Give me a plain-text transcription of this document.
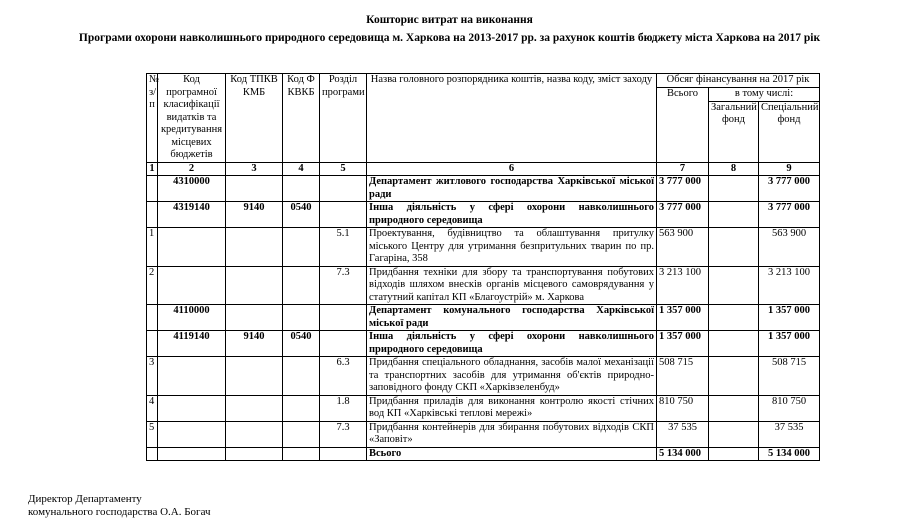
Кошторис витрат на виконання
Програми охорони навколишнього природного середовища м. Харкова на 2013-2017 рр. за рахунок коштів бюджету міста Харкова на 2017 рік
№ з/п	Код програмної класифікації видатків та кредитування місцевих бюджетів	Код ТПКВКМБ	Код ФКВКБ	Розділ програми	Назва головного розпорядника коштів, назва коду, зміст заходу	Обсяг фінансування на 2017 рік		
						Всього	в тому числі:	
							Загальний фонд	Спеціальний фонд
1	2	3	4	5	6	7	8	9
	4310000				Департамент житлового господарства Харківської міської ради	3 777 000		3 777 000
	4319140	9140	0540		Інша діяльність у сфері охорони навколишнього природного середовища	3 777 000		3 777 000
1				5.1	Проектування, будівництво та облаштування притулку міського Центру для утримання безпритульних тварин по пр. Гагаріна, 358	563 900		563 900
2				7.3	Придбання техніки для збору та транспортування побутових відходів шляхом внесків органів місцевого самоврядування у статутний капітал КП «Благоустрій» м. Харкова	3 213 100		3 213 100
	4110000				Департамент комунального господарства Харківської міської ради	1 357 000		1 357 000
	4119140	9140	0540		Інша діяльність у сфері охорони навколишнього природного середовища	1 357 000		1 357 000
3				6.3	Придбання спеціального обладнання, засобів малої механізації та транспортних засобів для утримання об'єктів природно-заповідного фонду СКП «Харківзеленбуд»	508 715		508 715
4				1.8	Придбання приладів для виконання контролю якості стічних вод КП «Харківські теплові мережі»	810 750		810 750
5				7.3	Придбання контейнерів для збирання побутових відходів СКП «Заповіт»	37 535		37 535
					Всього	5 134 000		5 134 000
Директор Департаменту
комунального господарства О.А. Богач
